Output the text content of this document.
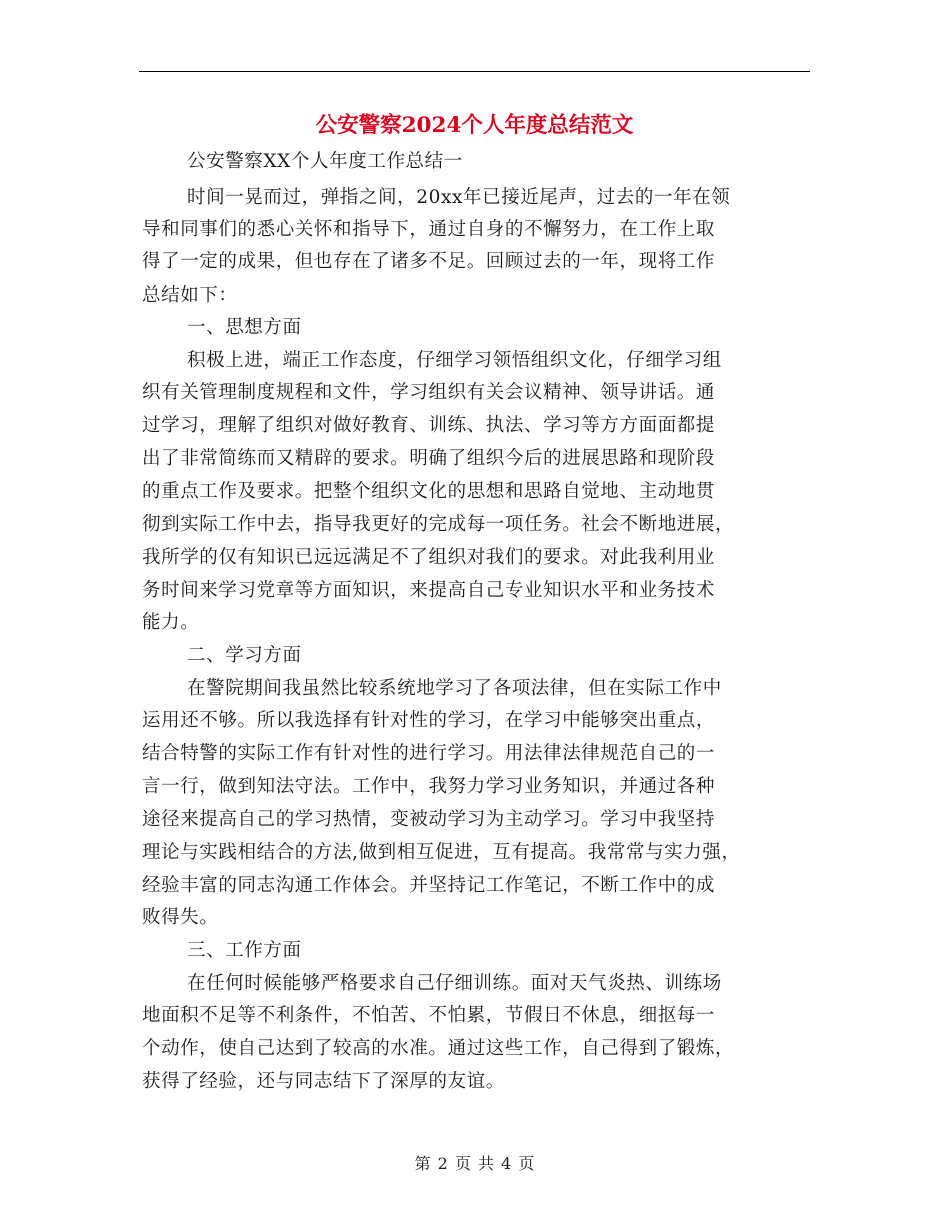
公安警察2024个人年度总结范文
公安警察XX个人年度工作总结一
时间一晃而过，弹指之间，20xx年已接近尾声，过去的一年在领
导和同事们的悉心关怀和指导下，通过自身的不懈努力，在工作上取
得了一定的成果，但也存在了诸多不足。回顾过去的一年，现将工作
总结如下：
一、思想方面
积极上进，端正工作态度，仔细学习领悟组织文化，仔细学习组
织有关管理制度规程和文件，学习组织有关会议精神、领导讲话。通
过学习，理解了组织对做好教育、训练、执法、学习等方方面面都提
出了非常简练而又精辟的要求。明确了组织今后的进展思路和现阶段
的重点工作及要求。把整个组织文化的思想和思路自觉地、主动地贯
彻到实际工作中去，指导我更好的完成每一项任务。社会不断地进展，
我所学的仅有知识已远远满足不了组织对我们的要求。对此我利用业
务时间来学习党章等方面知识，来提高自己专业知识水平和业务技术
能力。
二、学习方面
在警院期间我虽然比较系统地学习了各项法律，但在实际工作中
运用还不够。所以我选择有针对性的学习，在学习中能够突出重点，
结合特警的实际工作有针对性的进行学习。用法律法律规范自己的一
言一行，做到知法守法。工作中，我努力学习业务知识，并通过各种
途径来提高自己的学习热情，变被动学习为主动学习。学习中我坚持
理论与实践相结合的方法,做到相互促进，互有提高。我常常与实力强，
经验丰富的同志沟通工作体会。并坚持记工作笔记，不断工作中的成
败得失。
三、工作方面
在任何时候能够严格要求自己仔细训练。面对天气炎热、训练场
地面积不足等不利条件，不怕苦、不怕累，节假日不休息，细抠每一
个动作，使自己达到了较高的水准。通过这些工作，自己得到了锻炼，
获得了经验，还与同志结下了深厚的友谊。
第 2 页 共 4 页
